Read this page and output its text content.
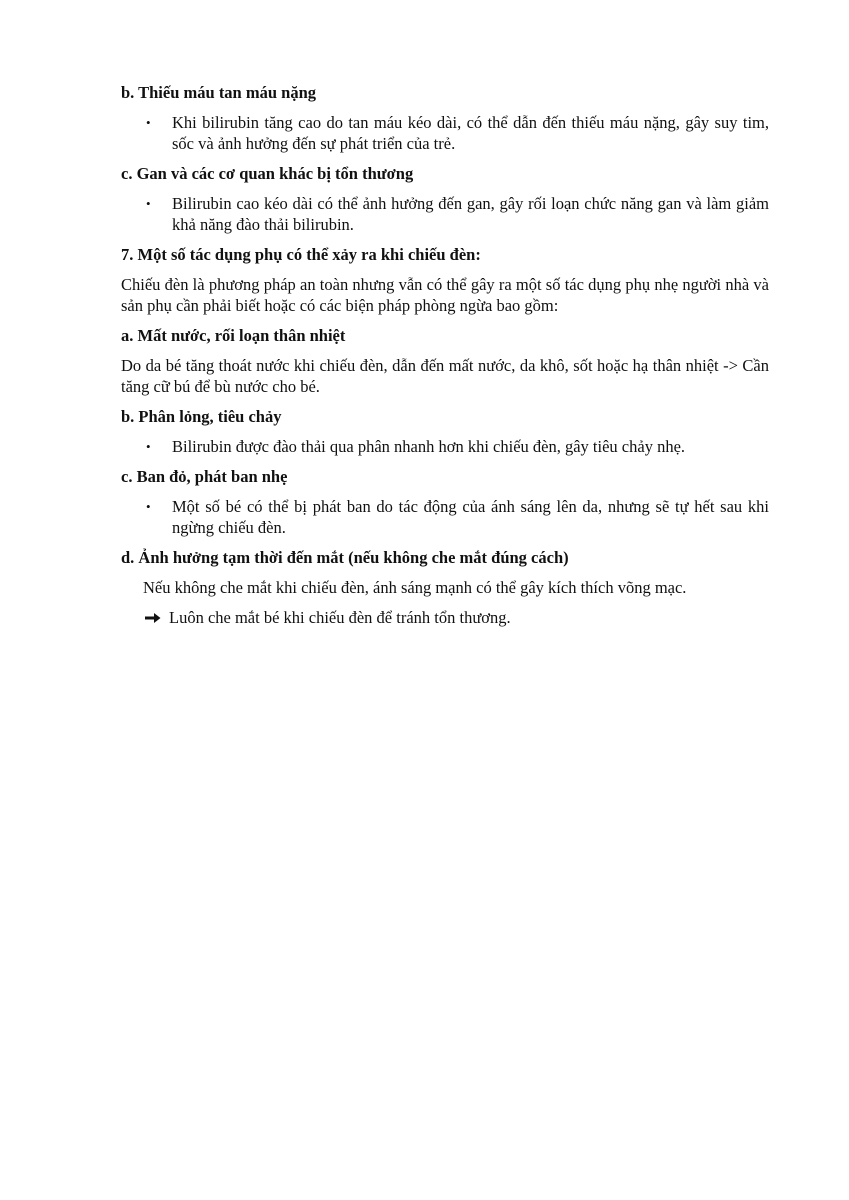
b. Thiếu máu tan máu nặng

• Khi bilirubin tăng cao do tan máu kéo dài, có thể dẫn đến thiếu máu nặng, gây suy tim, sốc và ảnh hưởng đến sự phát triển của trẻ.

c. Gan và các cơ quan khác bị tổn thương

• Bilirubin cao kéo dài có thể ảnh hưởng đến gan, gây rối loạn chức năng gan và làm giảm khả năng đào thải bilirubin.

7. Một số tác dụng phụ có thể xảy ra khi chiếu đèn:

Chiếu đèn là phương pháp an toàn nhưng vẫn có thể gây ra một số tác dụng phụ nhẹ người nhà và sản phụ cần phải biết hoặc có các biện pháp phòng ngừa bao gồm:

a. Mất nước, rối loạn thân nhiệt

Do da bé tăng thoát nước khi chiếu đèn, dẫn đến mất nước, da khô, sốt hoặc hạ thân nhiệt -> Cần tăng cữ bú để bù nước cho bé.

b. Phân lỏng, tiêu chảy

• Bilirubin được đào thải qua phân nhanh hơn khi chiếu đèn, gây tiêu chảy nhẹ.

c. Ban đỏ, phát ban nhẹ

• Một số bé có thể bị phát ban do tác động của ánh sáng lên da, nhưng sẽ tự hết sau khi ngừng chiếu đèn.

d. Ảnh hưởng tạm thời đến mắt (nếu không che mắt đúng cách)

Nếu không che mắt khi chiếu đèn, ánh sáng mạnh có thể gây kích thích võng mạc.

Luôn che mắt bé khi chiếu đèn để tránh tổn thương.
